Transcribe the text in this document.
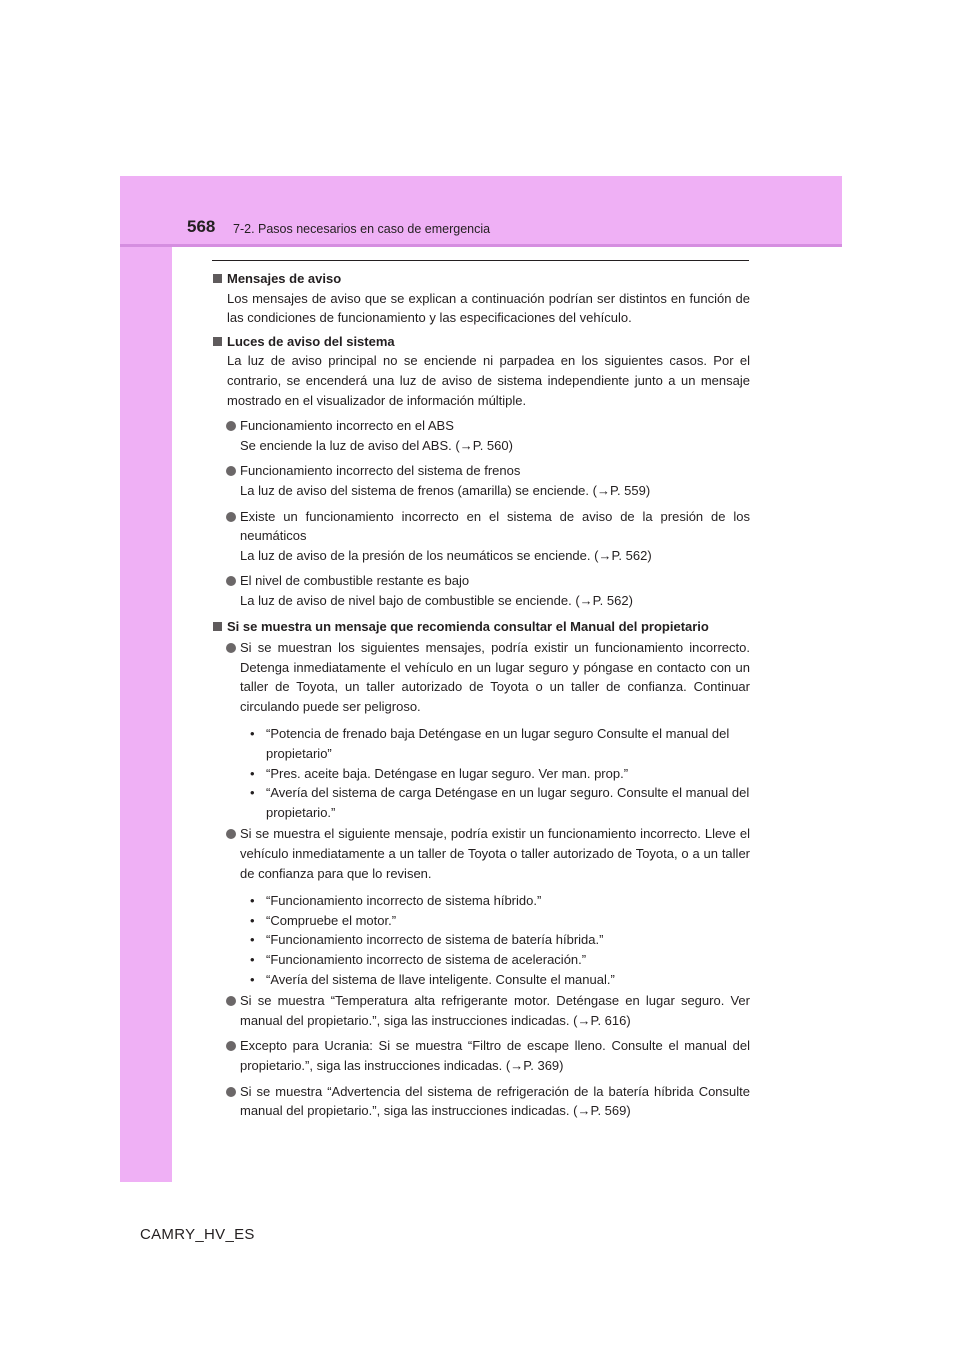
568 7-2. Pasos necesarios en caso de emergencia
Mensajes de aviso
Los mensajes de aviso que se explican a continuación podrían ser distintos en función de las condiciones de funcionamiento y las especificaciones del vehículo.
Luces de aviso del sistema
La luz de aviso principal no se enciende ni parpadea en los siguientes casos. Por el contrario, se encenderá una luz de aviso de sistema independiente junto a un mensaje mostrado en el visualizador de información múltiple.
Funcionamiento incorrecto en el ABS
Se enciende la luz de aviso del ABS. (→P. 560)
Funcionamiento incorrecto del sistema de frenos
La luz de aviso del sistema de frenos (amarilla) se enciende. (→P. 559)
Existe un funcionamiento incorrecto en el sistema de aviso de la presión de los neumáticos
La luz de aviso de la presión de los neumáticos se enciende. (→P. 562)
El nivel de combustible restante es bajo
La luz de aviso de nivel bajo de combustible se enciende. (→P. 562)
Si se muestra un mensaje que recomienda consultar el Manual del propietario
Si se muestran los siguientes mensajes, podría existir un funcionamiento incorrecto. Detenga inmediatamente el vehículo en un lugar seguro y póngase en contacto con un taller de Toyota, un taller autorizado de Toyota o un taller de confianza. Continuar circulando puede ser peligroso.
• “Potencia de frenado baja Deténgase en un lugar seguro Consulte el manual del propietario”
• “Pres. aceite baja. Deténgase en lugar seguro. Ver man. prop.”
• “Avería del sistema de carga Deténgase en un lugar seguro. Consulte el manual del propietario.”
Si se muestra el siguiente mensaje, podría existir un funcionamiento incorrecto. Lleve el vehículo inmediatamente a un taller de Toyota o taller autorizado de Toyota, o a un taller de confianza para que lo revisen.
• “Funcionamiento incorrecto de sistema híbrido.”
• “Compruebe el motor.”
• “Funcionamiento incorrecto de sistema de batería híbrida.”
• “Funcionamiento incorrecto de sistema de aceleración.”
• “Avería del sistema de llave inteligente. Consulte el manual.”
Si se muestra “Temperatura alta refrigerante motor. Deténgase en lugar seguro. Ver manual del propietario.”, siga las instrucciones indicadas. (→P. 616)
Excepto para Ucrania: Si se muestra “Filtro de escape lleno. Consulte el manual del propietario.”, siga las instrucciones indicadas. (→P. 369)
Si se muestra “Advertencia del sistema de refrigeración de la batería híbrida Consulte manual del propietario.”, siga las instrucciones indicadas. (→P. 569)
CAMRY_HV_ES
